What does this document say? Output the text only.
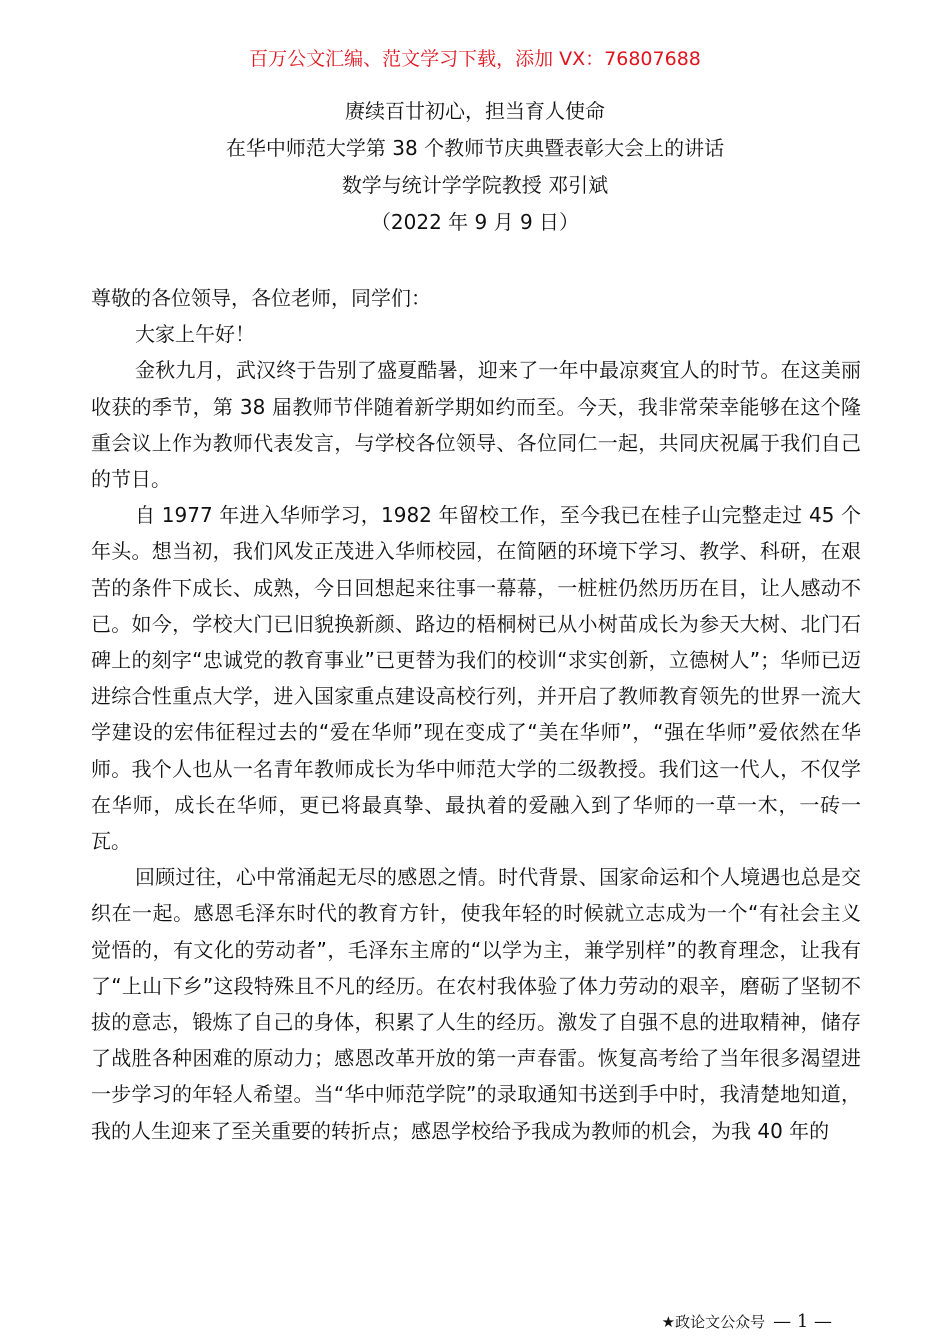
百万公文汇编、范文学习下载，添加 VX：76807688
赓续百廿初心，担当育人使命
在华中师范大学第 38 个教师节庆典暨表彰大会上的讲话
数学与统计学学院教授 邓引斌
（2022 年 9 月 9 日）

尊敬的各位领导，各位老师，同学们：

大家上午好！

金秋九月，武汉终于告别了盛夏酷暑，迎来了一年中最凉爽宜人的时节。在这美丽收获的季节，第 38 届教师节伴随着新学期如约而至。今天，我非常荣幸能够在这个隆重会议上作为教师代表发言，与学校各位领导、各位同仁一起，共同庆祝属于我们自己的节日。

自 1977 年进入华师学习，1982 年留校工作，至今我已在桂子山完整走过 45 个年头。想当初，我们风发正茂进入华师校园，在简陋的环境下学习、教学、科研，在艰苦的条件下成长、成熟，今日回想起来往事一幕幕，一桩桩仍然历历在目，让人感动不已。如今，学校大门已旧貌换新颜、路边的梧桐树已从小树苗成长为参天大树、北门石碑上的刻字“忠诚党的教育事业”已更替为我们的校训“求实创新，立德树人”；华师已迈进综合性重点大学，进入国家重点建设高校行列，并开启了教师教育领先的世界一流大学建设的宏伟征程过去的“爱在华师”现在变成了“美在华师”，“强在华师”爱依然在华师。我个人也从一名青年教师成长为华中师范大学的二级教授。我们这一代人，不仅学在华师，成长在华师，更已将最真挚、最执着的爱融入到了华师的一草一木，一砖一瓦。

回顾过往，心中常涌起无尽的感恩之情。时代背景、国家命运和个人境遇也总是交织在一起。感恩毛泽东时代的教育方针，使我年轻的时候就立志成为一个“有社会主义觉悟的，有文化的劳动者”，毛泽东主席的“以学为主，兼学别样”的教育理念，让我有了“上山下乡”这段特殊且不凡的经历。在农村我体验了体力劳动的艰辛，磨砺了坚韧不拔的意志，锻炼了自己的身体，积累了人生的经历。激发了自强不息的进取精神，储存了战胜各种困难的原动力；感恩改革开放的第一声春雷。恢复高考给了当年很多渴望进一步学习的年轻人希望。当“华中师范学院”的录取通知书送到手中时，我清楚地知道，我的人生迎来了至关重要的转折点；感恩学校给予我成为教师的机会，为我 40 年的

★政论文公众号 — 1 —
